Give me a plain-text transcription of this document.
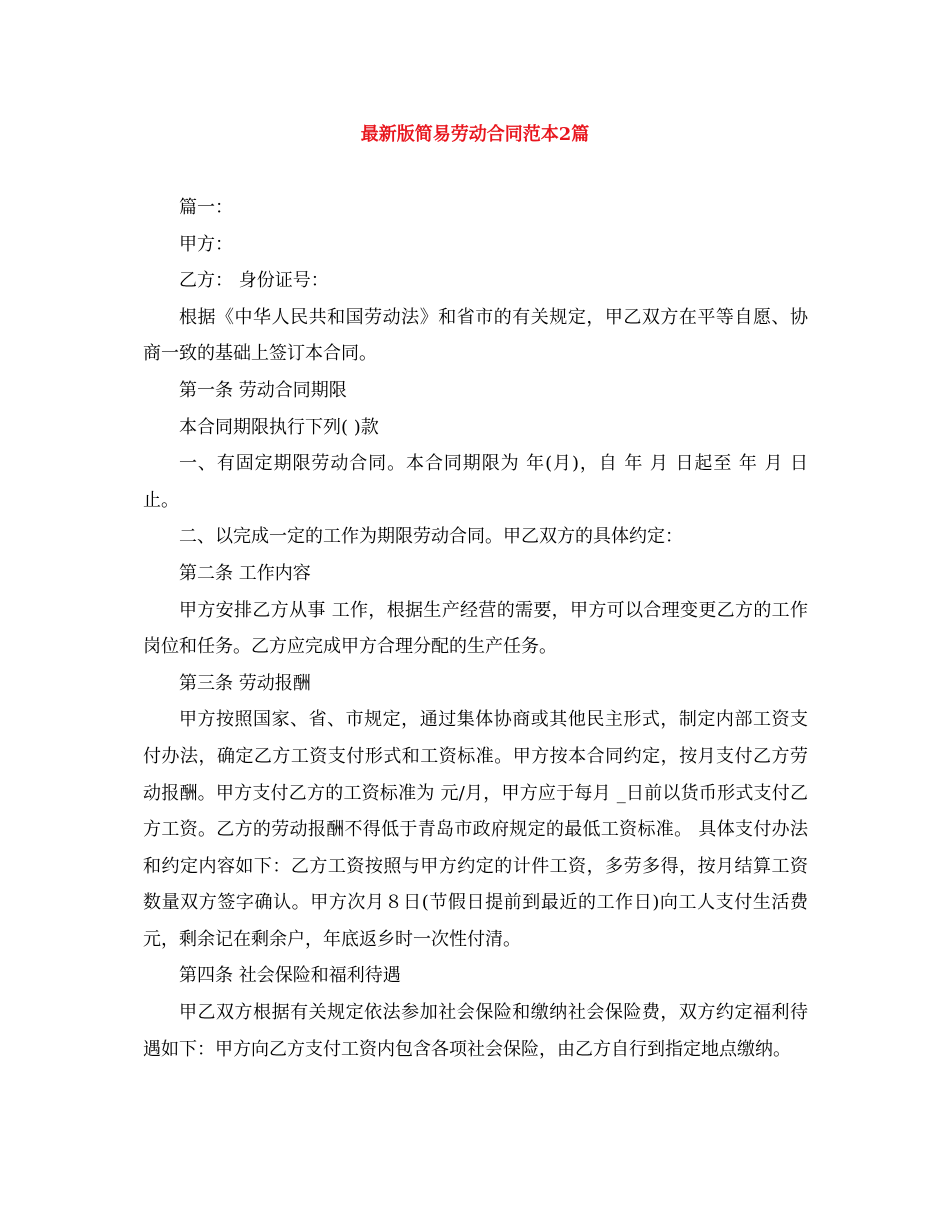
最新版简易劳动合同范本2篇

篇一：

甲方：

乙方： 身份证号：

根据《中华人民共和国劳动法》和省市的有关规定，甲乙双方在平等自愿、协商一致的基础上签订本合同。

第一条 劳动合同期限

本合同期限执行下列( )款

一、有固定期限劳动合同。本合同期限为 年(月)，自 年 月 日起至 年 月 日止。

二、以完成一定的工作为期限劳动合同。甲乙双方的具体约定：

第二条 工作内容

甲方安排乙方从事 工作，根据生产经营的需要，甲方可以合理变更乙方的工作岗位和任务。乙方应完成甲方合理分配的生产任务。

第三条 劳动报酬

甲方按照国家、省、市规定，通过集体协商或其他民主形式，制定内部工资支付办法，确定乙方工资支付形式和工资标准。甲方按本合同约定，按月支付乙方劳动报酬。甲方支付乙方的工资标准为 元/月，甲方应于每月 _日前以货币形式支付乙方工资。乙方的劳动报酬不得低于青岛市政府规定的最低工资标准。 具体支付办法和约定内容如下：乙方工资按照与甲方约定的计件工资，多劳多得，按月结算工资数量双方签字确认。甲方次月８日(节假日提前到最近的工作日)向工人支付生活费 元，剩余记在剩余户，年底返乡时一次性付清。

第四条 社会保险和福利待遇

甲乙双方根据有关规定依法参加社会保险和缴纳社会保险费，双方约定福利待遇如下：甲方向乙方支付工资内包含各项社会保险，由乙方自行到指定地点缴纳。
